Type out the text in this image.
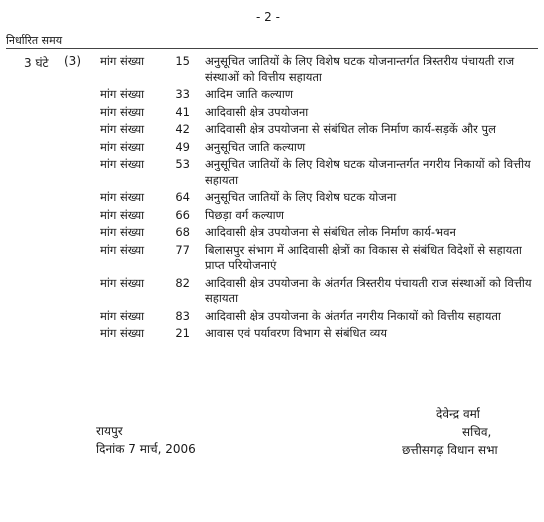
- 2 -
निर्धारित समय
3 घंटे (3) मांग संख्या	15 अनुसूचित जातियों के लिए विशेष घटक योजनान्तर्गत त्रिस्तरीय पंचायती राज संस्थाओं को वित्तीय सहायता
मांग संख्या	33 आदिम जाति कल्याण
मांग संख्या	41 आदिवासी क्षेत्र उपयोजना
मांग संख्या	42 आदिवासी क्षेत्र उपयोजना से संबंधित लोक निर्माण कार्य-सड़कें और पुल
मांग संख्या	49 अनुसूचित जाति कल्याण
मांग संख्या	53 अनुसूचित जातियों के लिए विशेष घटक योजनान्तर्गत नगरीय निकायों को वित्तीय सहायता
मांग संख्या	64 अनुसूचित जातियों के लिए विशेष घटक योजना
मांग संख्या	66 पिछड़ा वर्ग कल्याण
मांग संख्या	68 आदिवासी क्षेत्र उपयोजना से संबंधित लोक निर्माण कार्य-भवन
मांग संख्या	77 बिलासपुर संभाग में आदिवासी क्षेत्रों का विकास से संबंधित विदेशों से सहायता प्राप्त परियोजनाएं
मांग संख्या	82 आदिवासी क्षेत्र उपयोजना के अंतर्गत त्रिस्तरीय पंचायती राज संस्थाओं को वित्तीय सहायता
मांग संख्या	83 आदिवासी क्षेत्र उपयोजना के अंतर्गत नगरीय निकायों को वित्तीय सहायता
मांग संख्या	21 आवास एवं पर्यावरण विभाग से संबंधित व्यय
रायपुर
दिनांक 7 मार्च, 2006
देवेन्द्र वर्मा
सचिव,
छत्तीसगढ़ विधान सभा
